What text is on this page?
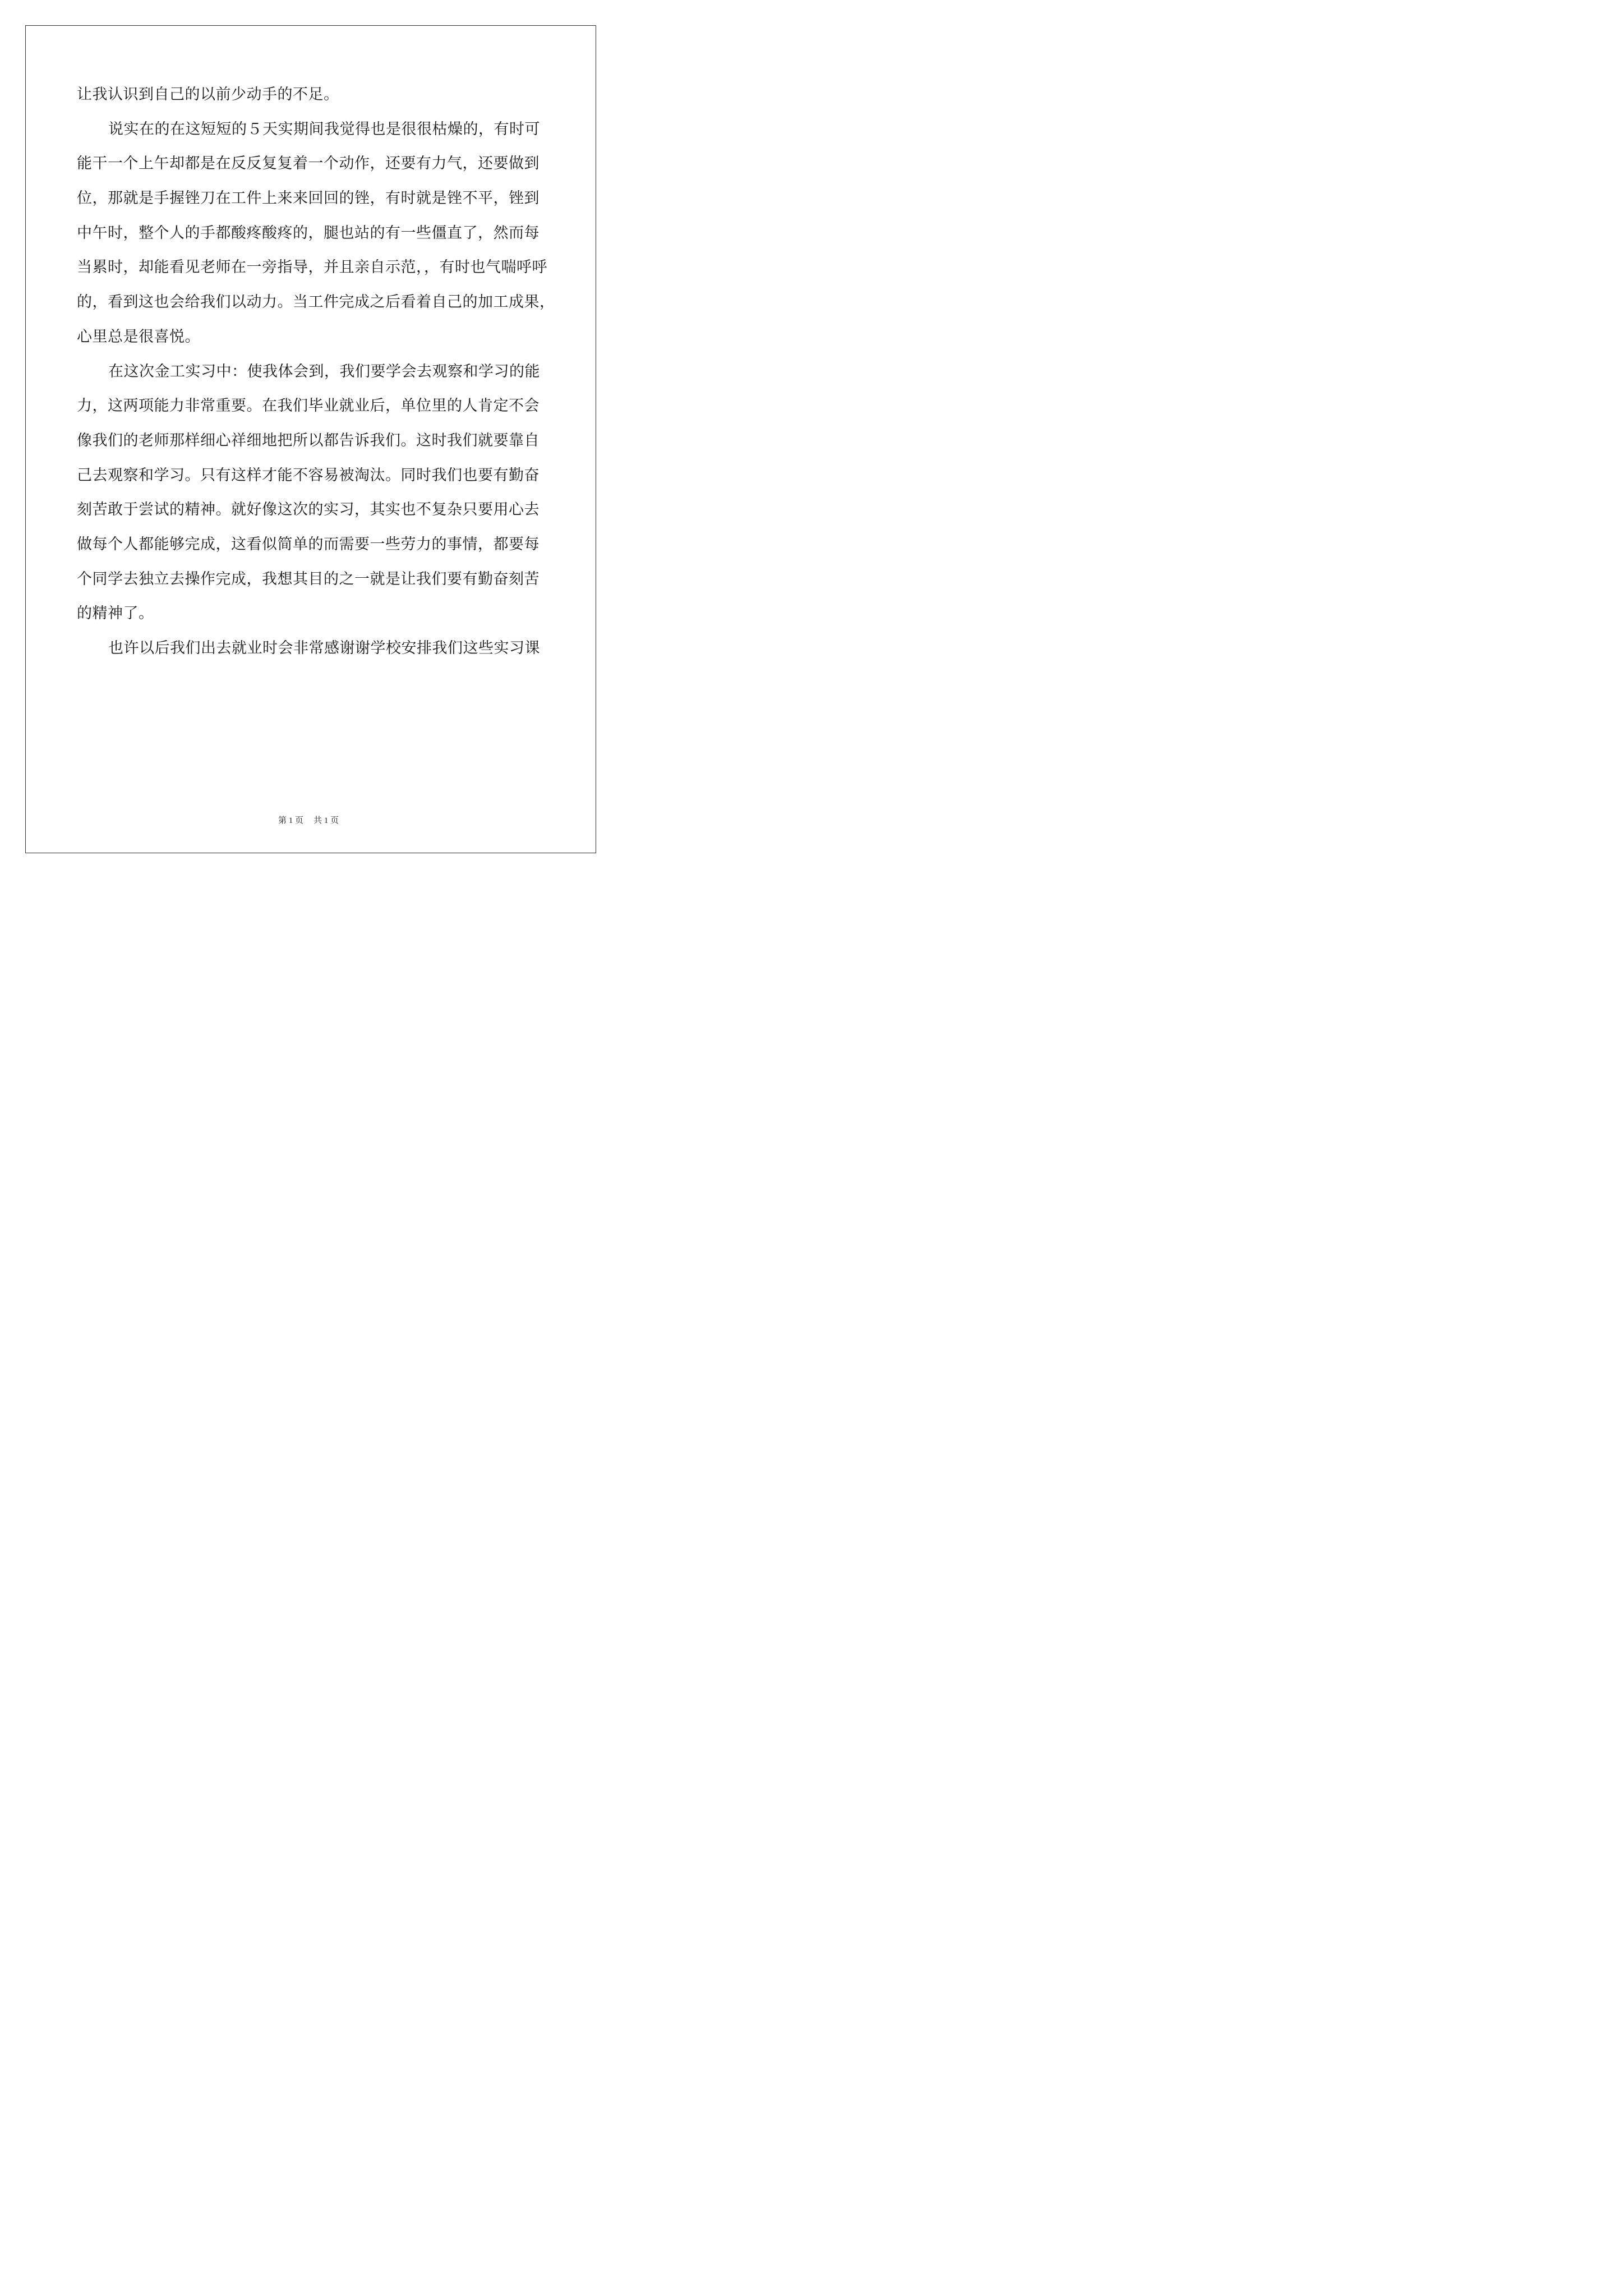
让我认识到自己的以前少动手的不足。
说实在的在这短短的５天实期间我觉得也是很很枯燥的，有时可
能干一个上午却都是在反反复复着一个动作，还要有力气，还要做到
位，那就是手握锉刀在工件上来来回回的锉，有时就是锉不平，锉到
中午时，整个人的手都酸疼酸疼的，腿也站的有一些僵直了，然而每
当累时，却能看见老师在一旁指导，并且亲自示范，，有时也气喘呼呼
的，看到这也会给我们以动力。当工件完成之后看着自己的加工成果，
心里总是很喜悦。
在这次金工实习中：使我体会到，我们要学会去观察和学习的能
力，这两项能力非常重要。在我们毕业就业后，单位里的人肯定不会
像我们的老师那样细心祥细地把所以都告诉我们。这时我们就要靠自
己去观察和学习。只有这样才能不容易被淘汰。同时我们也要有勤奋
刻苦敢于尝试的精神。就好像这次的实习，其实也不复杂只要用心去
做每个人都能够完成，这看似简单的而需要一些劳力的事情，都要每
个同学去独立去操作完成，我想其目的之一就是让我们要有勤奋刻苦
的精神了。
也许以后我们出去就业时会非常感谢谢学校安排我们这些实习课
第 1 页 共 1 页
